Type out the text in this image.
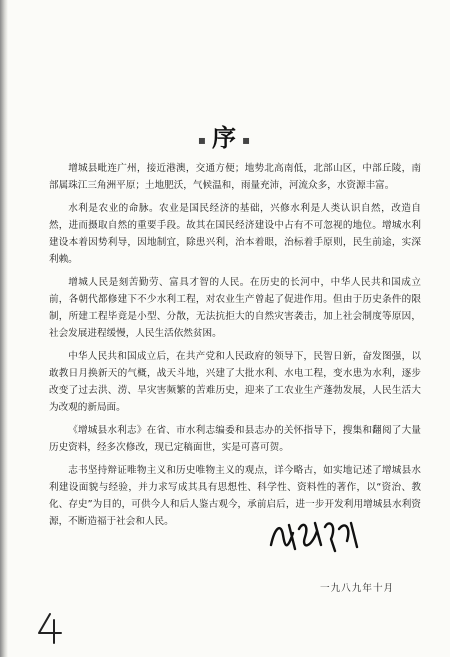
▪ 序 ▪

增城县毗连广州，接近港澳，交通方便；地势北高南低，北部山区，中部丘陵，南部属珠江三角洲平原；土地肥沃，气候温和，雨量充沛，河流众多，水资源丰富。

水利是农业的命脉。农业是国民经济的基础，兴修水利是人类认识自然，改造自然，进而摄取自然的重要手段。故其在国民经济建设中占有不可忽视的地位。增城水利建设本着因势利导，因地制宜，除患兴利，治本着眼，治标着手原则，民生前途，实深利赖。

增城人民是刻苦勤劳、富具才智的人民。在历史的长河中，中华人民共和国成立前，各朝代都修建下不少水利工程，对农业生产曾起了促进作用。但由于历史条件的限制，所建工程毕竟是小型、分散，无法抗拒大的自然灾害袭击，加上社会制度等原因，社会发展进程缓慢，人民生活依然贫困。

中华人民共和国成立后，在共产党和人民政府的领导下，民智日新，奋发图强，以敢教日月换新天的气概，战天斗地，兴建了大批水利、水电工程，变水患为水利，逐步改变了过去洪、涝、旱灾害频繁的苦难历史，迎来了工农业生产蓬勃发展，人民生活大为改观的新局面。

《增城县水利志》在省、市水利志编委和县志办的关怀指导下，搜集和翻阅了大量历史资料，经多次修改，现已定稿面世，实是可喜可贺。

志书坚持辩证唯物主义和历史唯物主义的观点，详今略古，如实地记述了增城县水利建设面貌与经验，并力求写成其具有思想性、科学性、资料性的著作，以“资治、教化、存史”为目的，可供今人和后人鉴古观今，承前启后，进一步开发利用增城县水利资源，不断造福于社会和人民。

一九八九年十月
